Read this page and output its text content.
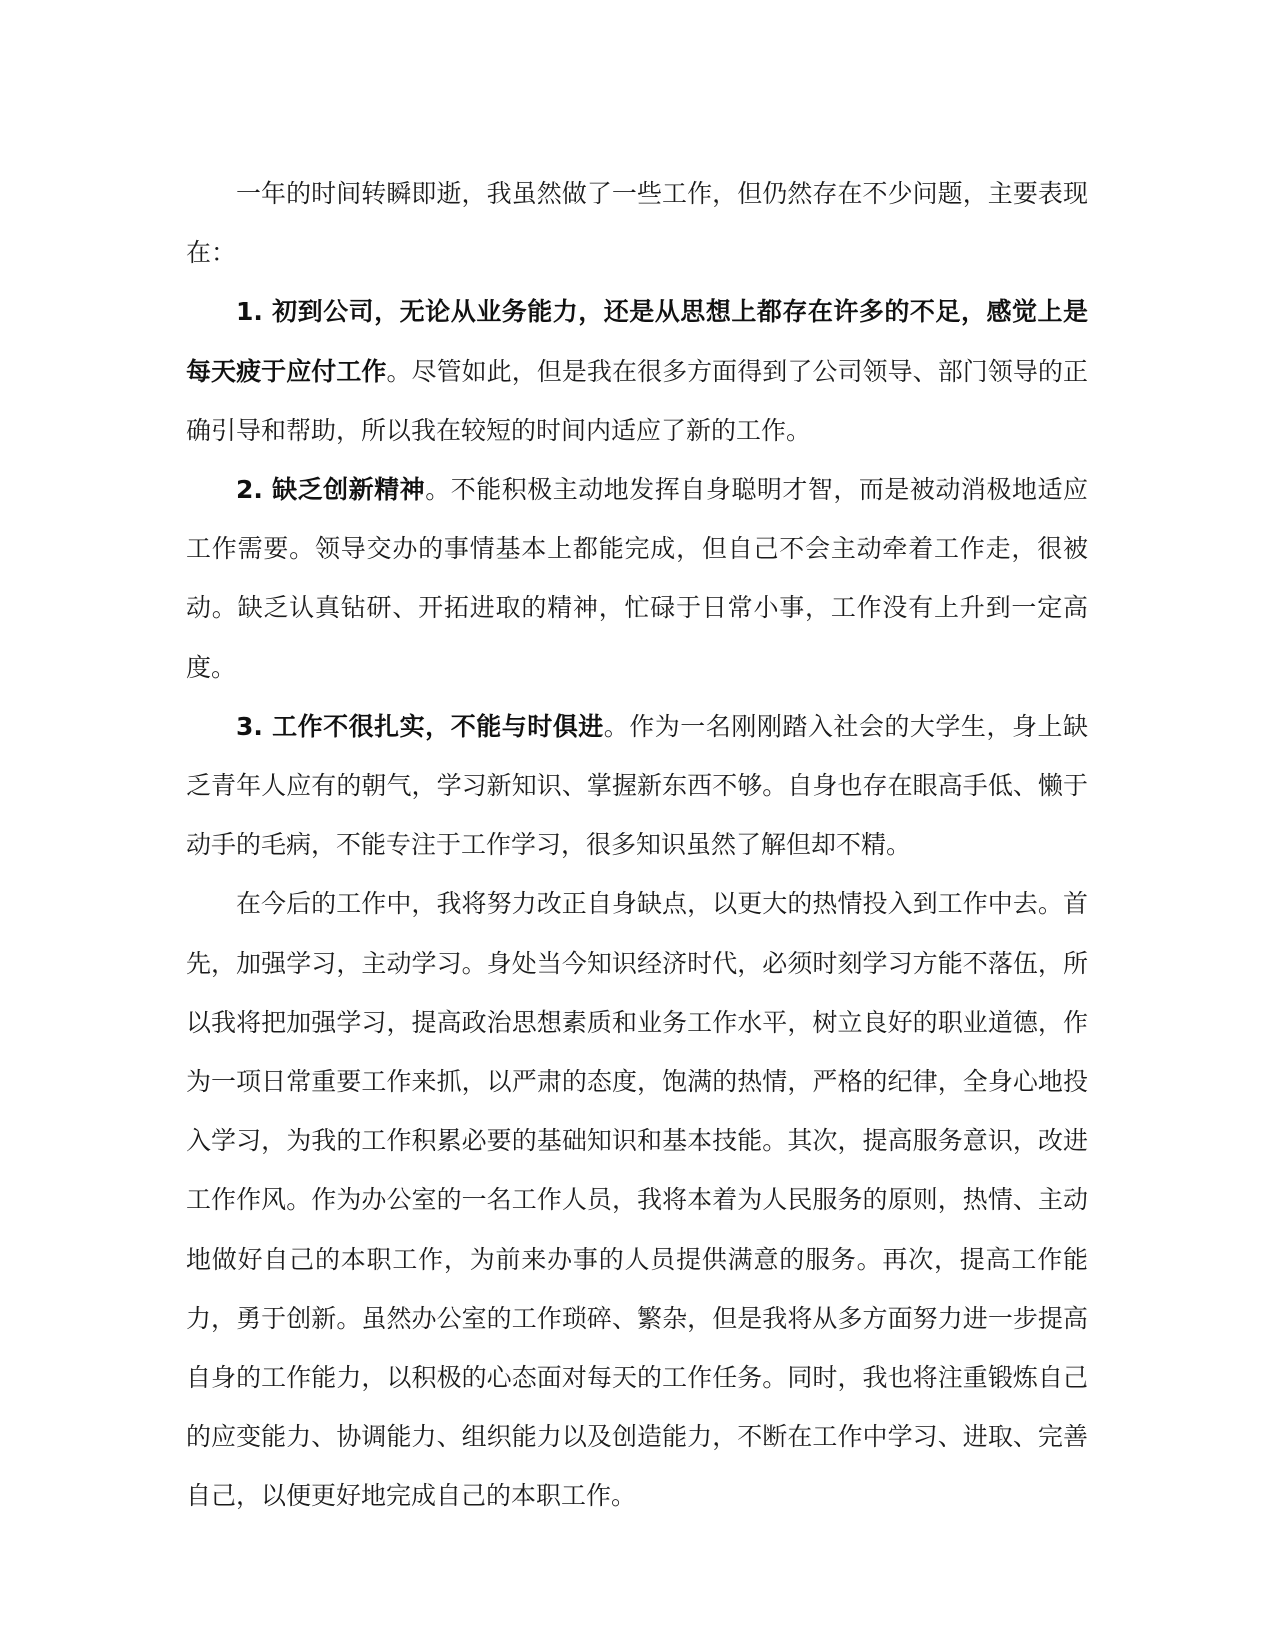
一年的时间转瞬即逝，我虽然做了一些工作，但仍然存在不少问题，主要表现在：

1. 初到公司，无论从业务能力，还是从思想上都存在许多的不足，感觉上是每天疲于应付工作。尽管如此，但是我在很多方面得到了公司领导、部门领导的正确引导和帮助，所以我在较短的时间内适应了新的工作。

2. 缺乏创新精神。不能积极主动地发挥自身聪明才智，而是被动消极地适应工作需要。领导交办的事情基本上都能完成，但自己不会主动牵着工作走，很被动。缺乏认真钻研、开拓进取的精神，忙碌于日常小事，工作没有上升到一定高度。

3. 工作不很扎实，不能与时俱进。作为一名刚刚踏入社会的大学生，身上缺乏青年人应有的朝气，学习新知识、掌握新东西不够。自身也存在眼高手低、懒于动手的毛病，不能专注于工作学习，很多知识虽然了解但却不精。

在今后的工作中，我将努力改正自身缺点，以更大的热情投入到工作中去。首先，加强学习，主动学习。身处当今知识经济时代，必须时刻学习方能不落伍，所以我将把加强学习，提高政治思想素质和业务工作水平，树立良好的职业道德，作为一项日常重要工作来抓，以严肃的态度，饱满的热情，严格的纪律，全身心地投入学习，为我的工作积累必要的基础知识和基本技能。其次，提高服务意识，改进工作作风。作为办公室的一名工作人员，我将本着为人民服务的原则，热情、主动地做好自己的本职工作，为前来办事的人员提供满意的服务。再次，提高工作能力，勇于创新。虽然办公室的工作琐碎、繁杂，但是我将从多方面努力进一步提高自身的工作能力，以积极的心态面对每天的工作任务。同时，我也将注重锻炼自己的应变能力、协调能力、组织能力以及创造能力，不断在工作中学习、进取、完善自己，以便更好地完成自己的本职工作。
